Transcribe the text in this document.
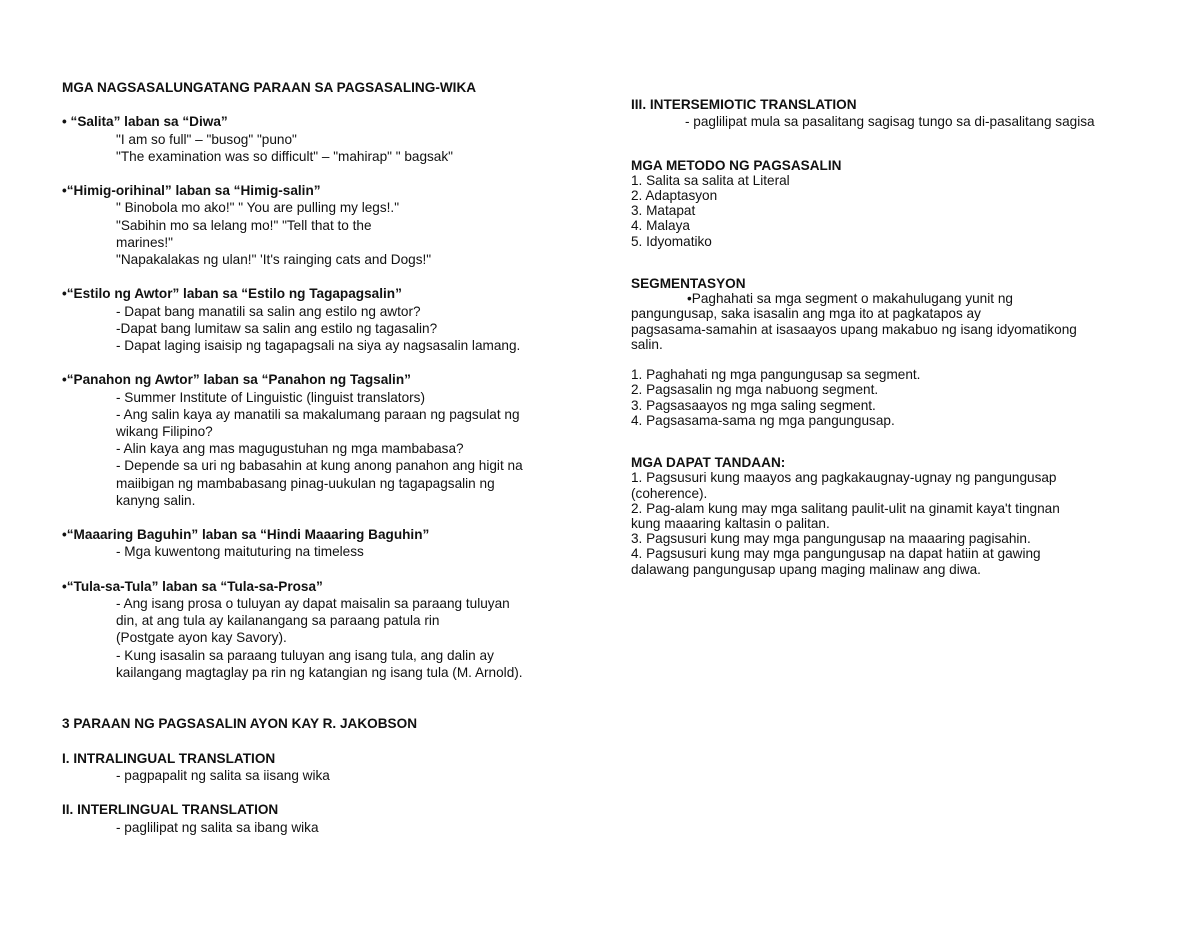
MGA NAGSASALUNGATANG PARAAN SA PAGSASALING-WIKA
• “Salita” laban sa “Diwa”
"I am so full" – "busog" "puno"
"The examination was so difficult" – "mahirap" " bagsak"
•“Himig-orihinal” laban sa “Himig-salin”
" Binobola mo ako!" " You are pulling my legs!."
"Sabihin mo sa lelang mo!" "Tell that to the
marines!"
"Napakalakas ng ulan!" 'It's rainging cats and Dogs!"
•“Estilo ng Awtor” laban sa “Estilo ng Tagapagsalin”
- Dapat bang manatili sa salin ang estilo ng awtor?
-Dapat bang lumitaw sa salin ang estilo ng tagasalin?
- Dapat laging isaisip ng tagapagsali na siya ay nagsasalin lamang.
•“Panahon ng Awtor” laban sa “Panahon ng Tagsalin”
- Summer Institute of Linguistic (linguist translators)
- Ang salin kaya ay manatili sa makalumang paraan ng pagsulat ng
wikang Filipino?
- Alin kaya ang mas magugustuhan ng mga mambabasa?
- Depende sa uri ng babasahin at kung anong panahon ang higit na
maiibigan ng mambabasang pinag-uukulan ng tagapagsalin ng
kanyng salin.
•“Maaaring Baguhin” laban sa “Hindi Maaaring Baguhin”
- Mga kuwentong maituturing na timeless
•“Tula-sa-Tula” laban sa “Tula-sa-Prosa”
- Ang isang prosa o tuluyan ay dapat maisalin sa paraang tuluyan
din, at ang tula ay kailanangang sa paraang patula rin
(Postgate ayon kay Savory).
- Kung isasalin sa paraang tuluyan ang isang tula, ang dalin ay
kailangang magtaglay pa rin ng katangian ng isang tula (M. Arnold).
3 PARAAN NG PAGSASALIN AYON KAY R. JAKOBSON
I. INTRALINGUAL TRANSLATION
- pagpapalit ng salita sa iisang wika
II. INTERLINGUAL TRANSLATION
- paglilipat ng salita sa ibang wika
III. INTERSEMIOTIC TRANSLATION
- paglilipat mula sa pasalitang sagisag tungo sa di-pasalitang sagisa
MGA METODO NG PAGSASALIN
1. Salita sa salita at Literal
2. Adaptasyon
3. Matapat
4. Malaya
5. Idyomatiko
SEGMENTASYON
•Paghahati sa mga segment o makahulugang yunit ng
pangungusap, saka isasalin ang mga ito at pagkatapos ay
pagsasama-samahin at isasaayos upang makabuo ng isang idyomatikong
salin.
1. Paghahati ng mga pangungusap sa segment.
2. Pagsasalin ng mga nabuong segment.
3. Pagsasaayos ng mga saling segment.
4. Pagsasama-sama ng mga pangungusap.
MGA DAPAT TANDAAN:
1. Pagsusuri kung maayos ang pagkakaugnay-ugnay ng pangungusap
(coherence).
2. Pag-alam kung may mga salitang paulit-ulit na ginamit kaya't tingnan
kung maaaring kaltasin o palitan.
3. Pagsusuri kung may mga pangungusap na maaaring pagisahin.
4. Pagsusuri kung may mga pangungusap na dapat hatiin at gawing
dalawang pangungusap upang maging malinaw ang diwa.
